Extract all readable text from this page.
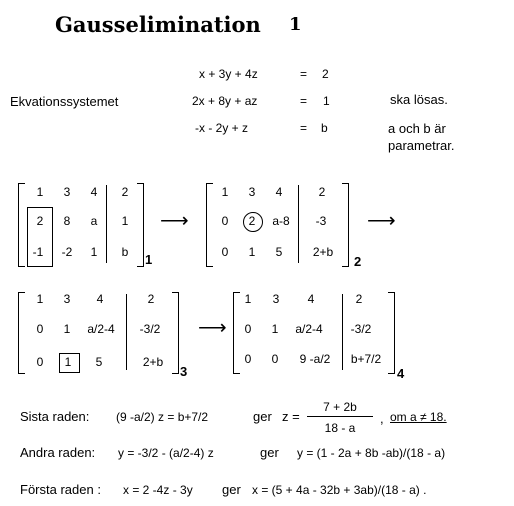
Gausselimination 1
Ekvationssystemet
x + 3y + 4z	= 2
2x + 8y + az	= 1
-x - 2y + z	= b
ska lösas.
a och b är
parametrar.
1	3	4	2
2	8	a	1
-1	-2	1	b	1
⟶
1	3	4	2
0	2	a-8	-3
0	1	5	2+b
2
⟶
1	3	4	2
0	1	a/2-4	-3/2
0	1	5	2+b
3
⟶
1	3	4	2
0	1	a/2-4	-3/2
0	0	9 -a/2	b+7/2
4
Sista raden: (9 -a/2) z = b+7/2	ger z =
7 + 2b
18 - a
, om a ≠ 18.
Andra raden: y = -3/2 - (a/2-4) z	ger y = (1 - 2a + 8b -ab)/(18 - a)
Första raden : x = 2 -4z - 3y ger x = (5 + 4a - 32b + 3ab)/(18 - a) .
